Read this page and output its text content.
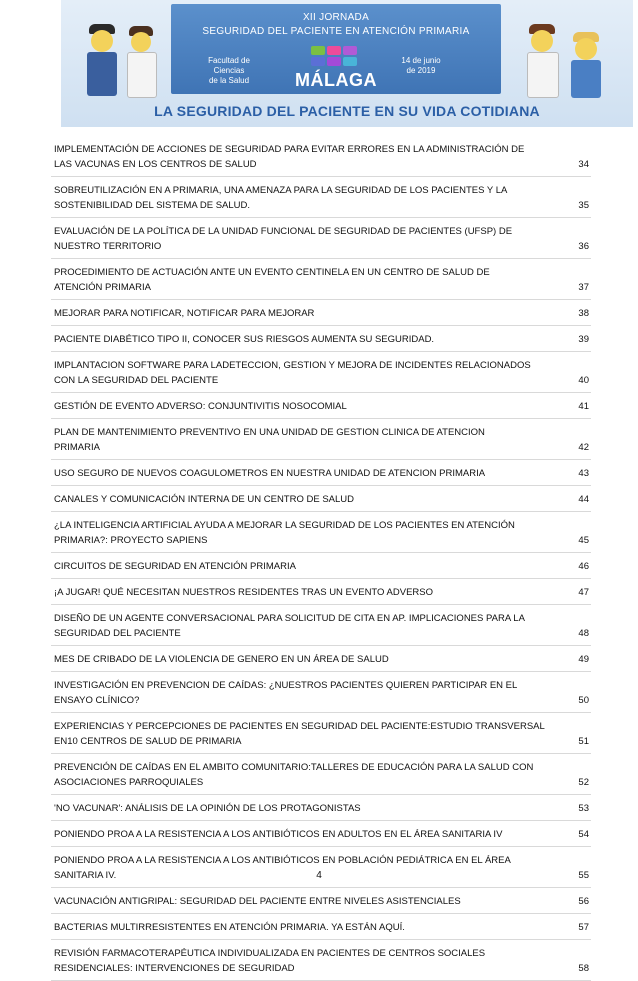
XII JORNADA
SEGURIDAD DEL PACIENTE EN ATENCIÓN PRIMARIA
Facultad de Ciencias
de la Salud
14 de junio
de 2019
MÁLAGA
LA SEGURIDAD DEL PACIENTE EN SU VIDA COTIDIANA
IMPLEMENTACIÓN DE ACCIONES DE SEGURIDAD PARA EVITAR ERRORES EN LA ADMINISTRACIÓN DE
LAS VACUNAS EN LOS CENTROS DE SALUD	34
SOBREUTILIZACIÓN EN A PRIMARIA, UNA AMENAZA PARA LA SEGURIDAD DE LOS PACIENTES Y LA
SOSTENIBILIDAD DEL SISTEMA DE SALUD.	35
EVALUACIÓN DE LA POLÍTICA DE LA UNIDAD FUNCIONAL DE SEGURIDAD DE PACIENTES (UFSP) DE
NUESTRO TERRITORIO	36
PROCEDIMIENTO DE ACTUACIÓN ANTE UN EVENTO CENTINELA EN UN CENTRO DE SALUD DE
ATENCIÓN PRIMARIA	37
MEJORAR PARA NOTIFICAR, NOTIFICAR PARA MEJORAR	38
PACIENTE DIABÉTICO TIPO II, CONOCER SUS RIESGOS AUMENTA SU SEGURIDAD.	39
IMPLANTACION SOFTWARE PARA LADETECCION, GESTION Y MEJORA DE INCIDENTES RELACIONADOS
CON LA SEGURIDAD DEL PACIENTE	40
GESTIÓN DE EVENTO ADVERSO: CONJUNTIVITIS NOSOCOMIAL	41
PLAN DE MANTENIMIENTO PREVENTIVO EN UNA UNIDAD DE GESTION CLINICA DE ATENCION
PRIMARIA	42
USO SEGURO DE NUEVOS COAGULOMETROS EN NUESTRA UNIDAD DE ATENCION PRIMARIA	43
CANALES Y COMUNICACIÓN INTERNA DE UN CENTRO DE SALUD	44
¿LA INTELIGENCIA ARTIFICIAL AYUDA A MEJORAR LA SEGURIDAD DE LOS PACIENTES EN ATENCIÓN
PRIMARIA?: PROYECTO SAPIENS	45
CIRCUITOS DE SEGURIDAD EN ATENCIÓN PRIMARIA	46
¡A JUGAR! QUÉ NECESITAN NUESTROS RESIDENTES TRAS UN EVENTO ADVERSO	47
DISEÑO DE UN AGENTE CONVERSACIONAL PARA SOLICITUD DE CITA EN AP. IMPLICACIONES PARA LA
SEGURIDAD DEL PACIENTE	48
MES DE CRIBADO DE LA VIOLENCIA DE GENERO EN UN ÁREA DE SALUD	49
INVESTIGACIÓN EN PREVENCION DE CAÍDAS: ¿NUESTROS PACIENTES QUIEREN PARTICIPAR EN EL
ENSAYO CLÍNICO?	50
EXPERIENCIAS Y PERCEPCIONES DE PACIENTES EN SEGURIDAD DEL PACIENTE:ESTUDIO TRANSVERSAL
EN10 CENTROS DE SALUD DE PRIMARIA	51
PREVENCIÓN DE CAÍDAS EN EL AMBITO COMUNITARIO:TALLERES DE EDUCACIÓN PARA LA SALUD CON
ASOCIACIONES PARROQUIALES	52
'NO VACUNAR': ANÁLISIS DE LA OPINIÓN DE LOS PROTAGONISTAS	53
PONIENDO PROA A LA RESISTENCIA A LOS ANTIBIÓTICOS EN ADULTOS EN EL ÁREA SANITARIA IV	54
PONIENDO PROA A LA RESISTENCIA A LOS ANTIBIÓTICOS EN POBLACIÓN PEDIÁTRICA EN EL ÁREA
SANITARIA IV.	55
VACUNACIÓN ANTIGRIPAL: SEGURIDAD DEL PACIENTE ENTRE NIVELES ASISTENCIALES	56
BACTERIAS MULTIRRESISTENTES EN ATENCIÓN PRIMARIA. YA ESTÁN AQUÍ.	57
REVISIÓN FARMACOTERAPÉUTICA INDIVIDUALIZADA EN PACIENTES DE CENTROS SOCIALES
RESIDENCIALES: INTERVENCIONES DE SEGURIDAD	58
4
